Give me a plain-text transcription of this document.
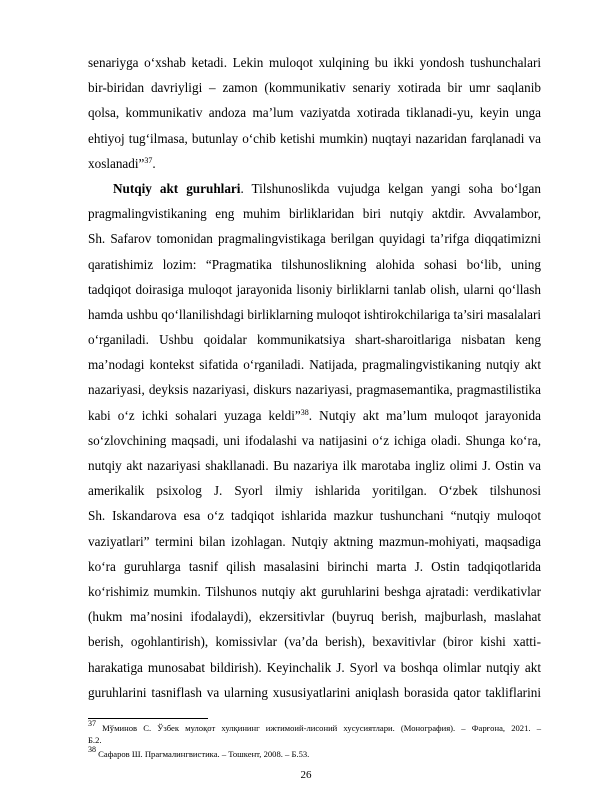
senariyga o‘xshab ketadi. Lekin muloqot xulqining bu ikki yondosh tushunchalari
bir-biridan davriyligi – zamon (kommunikativ senariy xotirada bir umr saqlanib
qolsa, kommunikativ andoza ma’lum vaziyatda xotirada tiklanadi-yu, keyin unga
ehtiyoj tug‘ilmasa, butunlay o‘chib ketishi mumkin) nuqtayi nazaridan farqlanadi va
xoslanadi”$^{37}$.
Nutqiy akt guruhlari. Tilshunoslikda vujudga kelgan yangi soha bo‘lgan
pragmalingvistikaning eng muhim birliklaridan biri nutqiy aktdir. Avvalambor,
Sh. Safarov tomonidan pragmalingvistikaga berilgan quyidagi ta’rifga diqqatimizni
qaratishimiz lozim: “Pragmatika tilshunoslikning alohida sohasi bo‘lib, uning
tadqiqot doirasiga muloqot jarayonida lisoniy birliklarni tanlab olish, ularni qo‘llash
hamda ushbu qo‘llanilishdagi birliklarning muloqot ishtirokchilariga ta’siri masalalari
o‘rganiladi. Ushbu qoidalar kommunikatsiya shart-sharoitlariga nisbatan keng
ma’nodagi kontekst sifatida o‘rganiladi. Natijada, pragmalingvistikaning nutqiy akt
nazariyasi, deyksis nazariyasi, diskurs nazariyasi, pragmasemantika, pragmastilistika
kabi o‘z ichki sohalari yuzaga keldi”$^{38}$. Nutqiy akt ma’lum muloqot jarayonida
so‘zlovchining maqsadi, uni ifodalashi va natijasini o‘z ichiga oladi. Shunga ko‘ra,
nutqiy akt nazariyasi shakllanadi. Bu nazariya ilk marotaba ingliz olimi J. Ostin va
amerikalik psixolog J. Syorl ilmiy ishlarida yoritilgan. O‘zbek tilshunosi
Sh. Iskandarova esa o‘z tadqiqot ishlarida mazkur tushunchani “nutqiy muloqot
vaziyatlari” termini bilan izohlagan. Nutqiy aktning mazmun-mohiyati, maqsadiga
ko‘ra guruhlarga tasnif qilish masalasini birinchi marta J. Ostin tadqiqotlarida
ko‘rishimiz mumkin. Tilshunos nutqiy akt guruhlarini beshga ajratadi: verdikativlar
(hukm ma’nosini ifodalaydi), ekzersitivlar (buyruq berish, majburlash, maslahat
berish, ogohlantirish), komissivlar (va’da berish), bexavitivlar (biror kishi xatti-
harakatiga munosabat bildirish). Keyinchalik J. Syorl va boshqa olimlar nutqiy akt
guruhlarini tasniflash va ularning xususiyatlarini aniqlash borasida qator takliflarini
$^{37}$ Мўминов С. Ўзбек мулоқот хулқининг ижтимоий-лисоний хусусиятлари. (Монография). – Фарғона, 2021. –
Б.2.
$^{38}$ Сафаров Ш. Прагмалингвистика. – Тошкент, 2008. – Б.53.
26
